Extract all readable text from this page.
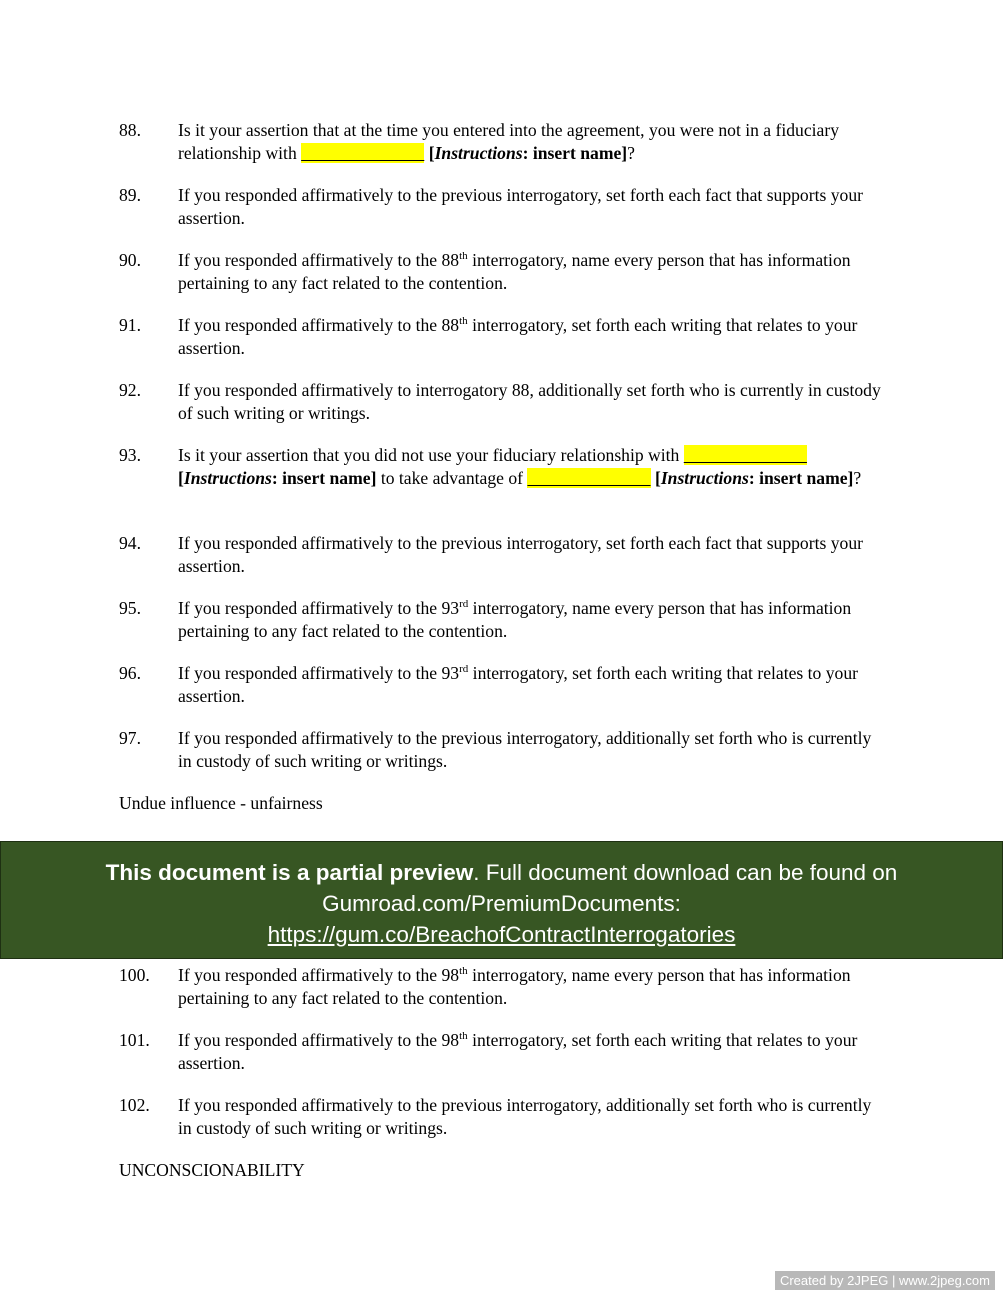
88. Is it your assertion that at the time you entered into the agreement, you were not in a fiduciary relationship with	[Instructions: insert name]?
89. If you responded affirmatively to the previous interrogatory, set forth each fact that supports your assertion.
90. If you responded affirmatively to the 88th interrogatory, name every person that has information pertaining to any fact related to the contention.
91. If you responded affirmatively to the 88th interrogatory, set forth each writing that relates to your assertion.
92. If you responded affirmatively to interrogatory 88, additionally set forth who is currently in custody of such writing or writings.
93. Is it your assertion that you did not use your fiduciary relationship with  [Instructions: insert name] to take advantage of	[Instructions: insert name]?
94. If you responded affirmatively to the previous interrogatory, set forth each fact that supports your assertion.
95. If you responded affirmatively to the 93rd interrogatory, name every person that has information pertaining to any fact related to the contention.
96. If you responded affirmatively to the 93rd interrogatory, set forth each writing that relates to your assertion.
97. If you responded affirmatively to the previous interrogatory, additionally set forth who is currently in custody of such writing or writings.
Undue influence - unfairness
This document is a partial preview. Full document download can be found on
Gumroad.com/PremiumDocuments:
https://gum.co/BreachofContractInterrogatories
100. If you responded affirmatively to the 98th interrogatory, name every person that has information pertaining to any fact related to the contention.
101. If you responded affirmatively to the 98th interrogatory, set forth each writing that relates to your assertion.
102. If you responded affirmatively to the previous interrogatory, additionally set forth who is currently in custody of such writing or writings.
UNCONSCIONABILITY
Created by 2JPEG | www.2jpeg.com
